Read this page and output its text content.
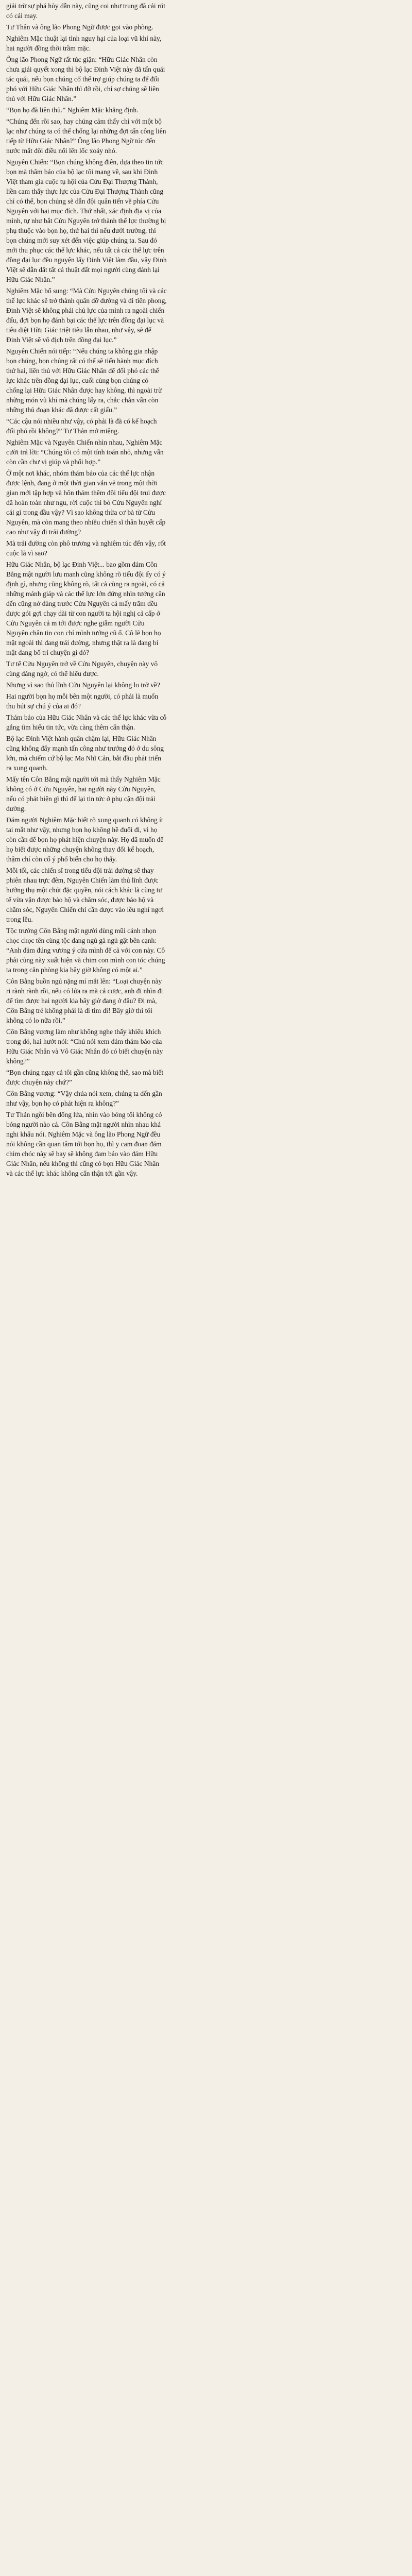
giải trừ sự phá hủy dẫn này, cũng coi như trung đã cải rút có cái may.

Tư Thân và ông lão Phong Ngữ được gọi vào phòng.

Nghiêm Mặc thuật lại tình nguy hại của loại vũ khí này, hai người đồng thời trầm mặc.

Ông lão Phong Ngữ rất túc giận: “Hữu Giác Nhân còn chưa giải quyết xong thì bộ lạc Đinh Việt này đã tấn quái tác quái, nếu bọn chúng cố thể trợ giúp chúng ta để đối phó với Hữu Giác Nhân thì đỡ rồi, chỉ sợ chúng sẽ liên thủ với Hữu Giác Nhân.”

“Bọn họ đã liên thủ.” Nghiêm Mặc khẳng định.

“Chúng đến rồi sao, hay chúng cảm thấy chỉ với một bộ lạc như chúng ta có thể chống lại những đợt tấn công liên tiếp từ Hữu Giác Nhân?” Ông lão Phong Ngữ túc đến nước mắt đôi điều nổi lên lốc xoáy nhỏ.

Nguyên Chiến: “Bọn chúng không điên, dựa theo tin tức bọn mà thâm báo của bộ lạc tôi mang về, sau khi Đinh Việt tham gia cuộc tụ hội của Cửu Đại Thượng Thành, liền cam thấy thực lực của Cửu Đại Thượng Thành cũng chỉ có thế, bọn chúng sẽ dẫn đội quân tiến về phía Cửu Nguyên với hai mục đích. Thứ nhất, xác định địa vị của mình, tự như bắt Cửu Nguyên trở thành thế lực thường bị phụ thuộc vào bọn họ, thứ hai thì nếu dưới trường, thì bọn chúng mới suy xét đến việc giúp chúng ta. Sau đó mới thu phục các thế lực khác, nếu tất cả các thế lực trên đồng đại lục đều nguyện lấy Đinh Việt làm đầu, vậy Đinh Việt sẽ dẫn dắt tất cả thuật đất mọi người cùng đánh lại Hữu Giác Nhân.”

Nghiêm Mặc bổ sung: “Mà Cửu Nguyên chúng tôi và các thế lực khác sẽ trở thành quân đỡ đường và đi tiên phong, Đinh Việt sẽ không phái chủ lực của mình ra ngoài chiến đấu, đợi bọn họ đánh bại các thế lực trên đồng đại lục và tiêu diệt Hữu Giác triệt tiêu lẫn nhau, như vậy, sẽ để Đinh Việt sẽ vô địch trên đồng đại lục.”

Nguyên Chiến nói tiếp: “Nếu chúng ta không gia nhập bọn chúng, bọn chúng rất có thể sẽ tiến hành mục đích thứ hai, liên thủ với Hữu Giác Nhân để đối phó các thế lực khác trên đồng đại lục, cuối cùng bọn chúng có chống lại Hữu Giác Nhân được hay không, thì ngoài trừ những món vũ khí mà chúng lấy ra, chắc chắn vẫn còn những thủ đoạn khác đã được cất giấu.”

“Các cậu nói nhiều như vậy, có phải là đã có kế hoạch đối phó rồi không?” Tư Thản mở miệng.

Nghiêm Mặc và Nguyên Chiến nhìn nhau, Nghiêm Mặc cười trả lời: “Chúng tôi có một tính toán nhỏ, nhưng vẫn còn cần chư vị giúp và phối hợp.”

Ở một nơi khác, nhóm thám báo của các thế lực nhận được lệnh, đang ở một thời gian vắn vẻ trong một thời gian mới tập hợp và hôn thám thêm đôi tiểu đội trui được đã hoàn toàn như ngu, rời cuộc thì bỏ Cửu Nguyên nghỉ cái gì trong đầu vậy? Vì sao không thừa cơ bà từ Cửu Nguyên, mà còn mang theo nhiều chiến sĩ thân huyết cấp cao như vậy đi trải đường?

Mà trải đường còn phô trương và nghiêm túc đến vậy, rốt cuộc là vì sao?

Hữu Giác Nhân, bộ lạc Đinh Việt... bao gồm đám Côn Bằng mật người lưu manh cũng không rõ tiếu đội ấy có ý định gì, nhưng cũng không rõ, tất cả cùng ra ngoài, có cả những mảnh giáp và các thế lực lớn đứng nhìn tướng cân đến cũng nở đàng trước Cửu Nguyên cả mấy trăm đều được gói gợi chạy dài từ con người ta hội nghị cả cấp ở Cửu Nguyên cả m tới được nghe giẫm người Cửu Nguyên chân tin con chỉ mình tướng cũ ổ. Cô lẽ bọn họ mặt ngoài thì đang trải đường, nhưng thật ra là đang bí mật đang bố trí chuyện gì đó?

Tư tế Cửu Nguyên trở về Cửu Nguyên, chuyện này vô cùng đáng ngờ, có thể hiểu được.

Nhưng vì sao thủ lĩnh Cửu Nguyên lại không lo trở về?

Hai người bọn họ mỗi bên một người, có phải là muốn thu hút sự chú ý của ai đó?

Thám báo của Hữu Giác Nhân và các thế lực khác vừa cỗ gắng tìm hiểu tin tức, vừa càng thêm cẩn thận.

Bộ lạc Đinh Việt hành quân chậm lại, Hữu Giác Nhân cũng không đẩy mạnh tấn công như trướng đó ở du sông lớn, mà chiếm cứ bộ lạc Ma Nhĩ Cản, bắt đầu phát triển ra xung quanh.

Mấy tên Côn Bằng mật người tới mà thấy Nghiêm Mặc không có ở Cửu Nguyên, hai người này Cửu Nguyên, nếu có phát hiện gì thì để lại tin tức ở phụ cận đội trải đường.

Đám người Nghiêm Mặc biết rõ xung quanh có không ít tai mắt như vậy, nhưng bọn họ không hề đuổi đi, vì họ còn cần để bọn họ phát hiện chuyện này. Họ đã muốn để họ biết được những chuyện không thay đổi kế hoạch, thậm chí còn cố ý phổ biến cho họ thấy.

Mỗi tối, các chiến sĩ trong tiểu đội trải đường sẽ thay phiên nhau trực đêm, Nguyên Chiến làm thủ lĩnh được hưởng thụ một chút đặc quyền, nói cách khác là cùng tư tế vừa vặn được bảo hộ và chăm sóc, được bảo hộ và chăm sóc, Nguyên Chiến chỉ cần được vào lều nghỉ ngơi trong lều.

Tộc trưởng Côn Bằng mặt người dùng mũi cánh nhọn chọc chọc tên cùng tộc đang ngủ gà ngủ gật bên cạnh: “Anh đảm đúng vương ý cửa mình để cả với con này. Cô phải cùng này xuất hiện và chim con mình con tóc chúng ta trong căn phòng kia bây giờ không có một ai.”

Côn Bằng buồn ngủ nặng mí mắt lên: “Loại chuyện này ri rành rành rồi, nếu có lửa ra mà cả cược, anh đi nhìn đi để tìm được hai người kia bây giờ đang ở đâu? Đi mà, Côn Bằng trẻ không phải là đi tìm đi! Bây giờ thì tôi không có lo nữa rồi.”

Côn Bằng vương làm như không nghe thấy khiêu khích trong đó, hai hướt nói: “Chú nói xem đám thám báo của Hữu Giác Nhân và Vô Giác Nhân đó có biết chuyện này không?”

“Bọn chúng ngay cả tôi gần cũng không thể, sao mà biết được chuyện này chứ?”

Côn Bằng vương: “Vậy chúa nói xem, chúng ta đến gần như vậy, bọn họ có phát hiện ra không?”

Tư Thản ngồi bên đống lửa, nhìn vào bóng tối không có bóng người nào cả. Côn Bằng mặt người nhìn nhau khả nghi khẩu nói. Nghiêm Mặc và ông lão Phong Ngữ đều nói không cần quan tâm tới bọn họ, thì y cam đoan đám chim chóc này sẽ bay sẽ không đam bảo vào đám Hữu Giác Nhân, nếu không thì cũng có bọn Hữu Giác Nhân và các thế lực khác không cẩn thận tới gần vậy.
